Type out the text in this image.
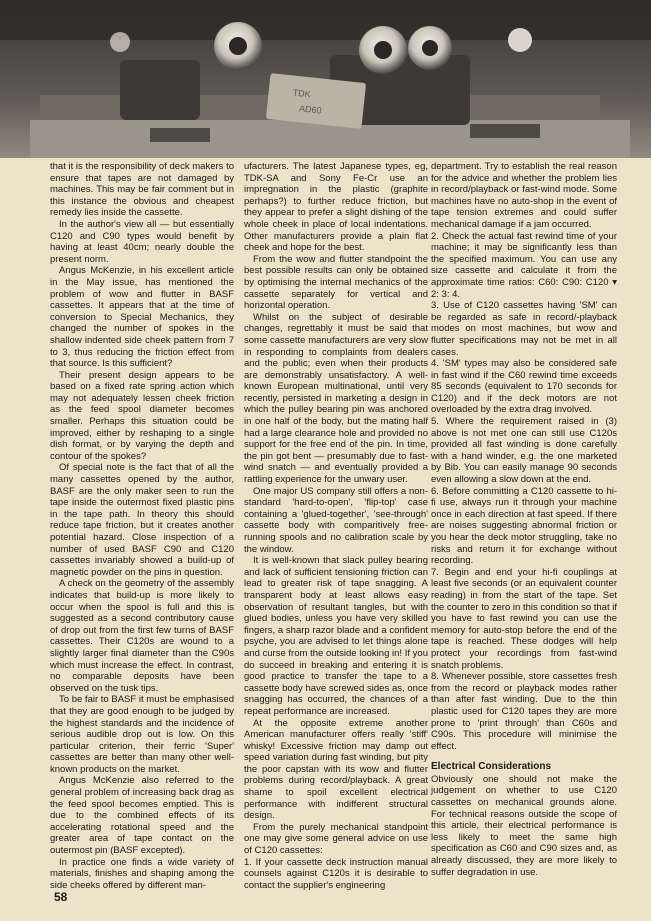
TDK
AD60

that it is the responsibility of deck makers to ensure that tapes are not damaged by machines. This may be fair comment but in this instance the obvious and cheapest remedy lies inside the cassette.

In the author's view all — but essentially C120 and C90 types would benefit by having at least 40cm; nearly double the present norm.

Angus McKenzie, in his excellent article in the May issue, has mentioned the problem of wow and flutter in BASF cassettes. It appears that at the time of conversion to Special Mechanics, they changed the number of spokes in the shallow indented side cheek pattern from 7 to 3, thus reducing the friction effect from that source. Is this sufficient?

Their present design appears to be based on a fixed rate spring action which may not adequately lessen cheek friction as the feed spool diameter becomes smaller. Perhaps this situation could be improved, either by reshaping to a single dish format, or by varying the depth and contour of the spokes?

Of special note is the fact that of all the many cassettes opened by the author, BASF are the only maker seen to run the tape inside the outermost fixed plastic pins in the tape path. In theory this should reduce tape friction, but it creates another potential hazard. Close inspection of a number of used BASF C90 and C120 cassettes invariably showed a build-up of magnetic powder on the pins in question.

A check on the geometry of the assembly indicates that build-up is more likely to occur when the spool is full and this is suggested as a second contributory cause of drop out from the first few turns of BASF cassettes. Their C120s are wound to a slightly larger final diameter than the C90s which must increase the effect. In contrast, no comparable deposits have been observed on the tusk tips.

To be fair to BASF it must be emphasised that they are good enough to be judged by the highest standards and the incidence of serious audible drop out is low. On this particular criterion, their ferric 'Super' cassettes are better than many other well-known products on the market.

Angus McKenzie also referred to the general problem of increasing back drag as the feed spool becomes emptied. This is due to the combined effects of its accelerating rotational speed and the greater area of tape contact on the outermost pin (BASF excepted).

In practice one finds a wide variety of materials, finishes and shaping among the side cheeks offered by different man-

ufacturers. The latest Japanese types, eg, TDK-SA and Sony Fe-Cr use an impregnation in the plastic (graphite perhaps?) to further reduce friction, but they appear to prefer a slight dishing of the whole cheek in place of local indentations. Other manufacturers provide a plain flat cheek and hope for the best.

From the wow and flutter standpoint the best possible results can only be obtained by optimising the internal mechanics of the cassette separately for vertical and horizontal operation.

Whilst on the subject of desirable changes, regrettably it must be said that some cassette manufacturers are very slow in responding to complaints from dealers and the public; even when their products are demonstrably unsatisfactory. A well-known European multinational, until very recently, persisted in marketing a design in which the pulley bearing pin was anchored in one half of the body, but the mating half had a large clearance hole and provided no support for the free end of the pin. In time, the pin got bent — presumably due to fast-wind snatch — and eventually provided a rattling experience for the unwary user.

One major US company still offers a non-standard 'hard-to-open', 'flip-top' case containing a 'glued-together', 'see-through' cassette body with comparitively free-running spools and no calibration scale by the window.

It is well-known that slack pulley bearing and lack of sufficient tensioning friction can lead to greater risk of tape snagging. A transparent body at least allows easy observation of resultant tangles, but with glued bodies, unless you have very skilled fingers, a sharp razor blade and a confident psyche, you are advised to let things alone and curse from the outside looking in! If you do succeed in breaking and entering it is good practice to transfer the tape to a cassette body have screwed sides as, once snagging has occurred, the chances of a repeat performance are increased.

At the opposite extreme another American manufacturer offers really 'stiff' whisky! Excessive friction may damp out speed variation during fast winding, but pity the poor capstan with its wow and flutter problems during record/playback. A great shame to spoil excellent electrical performance with indifferent structural design.

From the purely mechanical standpoint one may give some general advice on use of C120 cassettes:

1. If your cassette deck instruction manual counsels against C120s it is desirable to contact the supplier's engineering

department. Try to establish the real reason for the advice and whether the problem lies in record/playback or fast-wind mode. Some machines have no auto-shop in the event of tape tension extremes and could suffer mechanical damage if a jam occurred.

2. Check the actual fast rewind time of your machine; it may be significantly less than the specified maximum. You can use any size cassette and calculate it from the approximate time ratios: C60: C90: C120 ▾ 2: 3: 4.

3. Use of C120 cassettes having 'SM' can be regarded as safe in record/-playback modes on most machines, but wow and flutter specifications may not be met in all cases.

4. 'SM' types may also be considered safe in fast wind if the C60 rewind time exceeds 85 seconds (equivalent to 170 seconds for C120) and if the deck motors are not overloaded by the extra drag involved.

5. Where the requirement raised in (3) above is not met one can still use C120s provided all fast winding is done carefully with a hand winder, e.g. the one marketed by Bib. You can easily manage 90 seconds even allowing a slow down at the end.

6. Before committing a C120 cassette to hi-fi use, always run it through your machine once in each direction at fast speed. If there are noises suggesting abnormal friction or you hear the deck motor struggling, take no risks and return it for exchange without recording.

7. Begin and end your hi-fi couplings at least five seconds (or an equivalent counter reading) in from the start of the tape. Set the counter to zero in this condition so that if you have to fast rewind you can use the memory for auto-stop before the end of the tape is reached. These dodges will help protect your recordings from fast-wind snatch problems.

8. Whenever possible, store cassettes fresh from the record or playback modes rather than after fast winding. Due to the thin plastic used for C120 tapes they are more prone to 'print through' than C60s and C90s. This procedure will minimise the effect.

Electrical Considerations

Obviously one should not make the judgement on whether to use C120 cassettes on mechanical grounds alone. For technical reasons outside the scope of this article, their electrical performance is less likely to meet the same high specification as C60 and C90 sizes and, as already discussed, they are more likely to suffer degradation in use.

58
